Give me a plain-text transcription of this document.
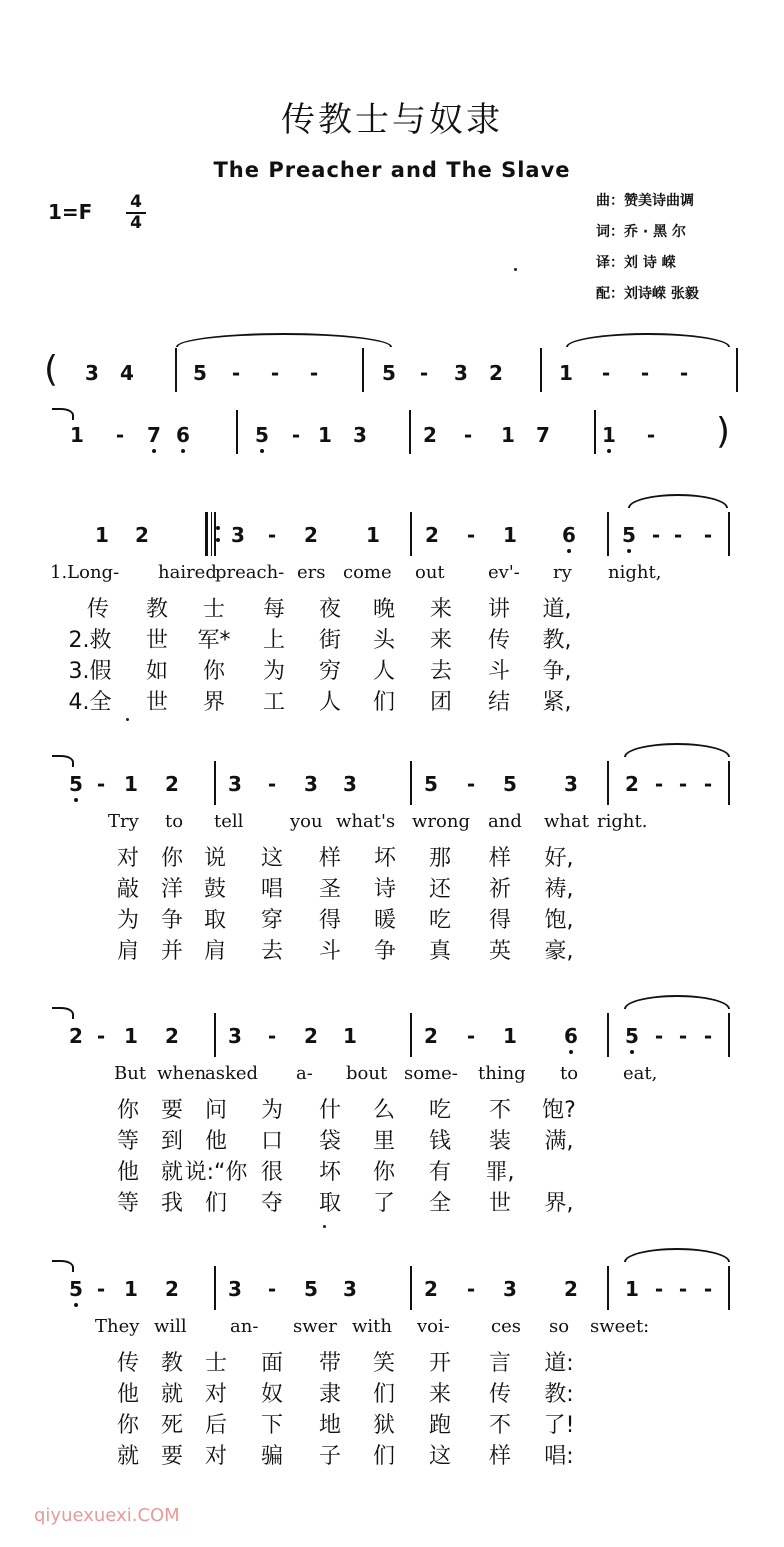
传教士与奴隶
The Preacher and The Slave
1=F 4
4
曲：赞美诗曲调
词：乔 · 黑 尔
译：刘 诗 嵘
配：刘诗嵘 张毅
( 3 4	5 - - -	5 - 3 2	1 - - -
1 - 7 6	5 - 1 3	2 - 1 7	1 - )
1 2	3 - 2 1 2 - 1 6 5 - - -
1.Long- haired
preach- ers come out ev'- ry night,
传 教 士 每 夜 晚 来 讲 道,
2.救 世 军* 上 街 头 来 传 教,
3.假 如 你 为 穷 人 去 斗 争,
4.全 世 界 工 人 们 团 结 紧,
5 - 1 2 3 - 3 3	5 - 5 3 2 - - -
Try to tell	you what's wrong and what right.
对 你 说 这 样 坏 那 样 好,
敲 洋 鼓 唱 圣 诗 还 祈 祷,
为 争 取 穿 得 暖 吃 得 饱,
肩 并 肩 去 斗 争 真 英 豪,
2 - 1 2 3 - 2 1	2 - 1 6 5 - - -
But when
asked a- bout some- thing to eat,
你 要 问 为 什 么 吃 不 饱?
等 到 他 口 袋 里 钱 装 满,
他 就 说:“你 很 坏 你 有 罪,
等 我 们 夺 取 了 全 世 界,
5 - 1 2 3 - 5 3	2 - 3 2 1 - - -
They will an- swer with voi- ces so sweet:
传 教 士 面 带 笑 开 言 道:
他 就 对 奴 隶 们 来 传 教:
你 死 后 下 地 狱 跑 不 了!
就 要 对 骗 子 们 这 样 唱:
qiyuexuexi.COM
